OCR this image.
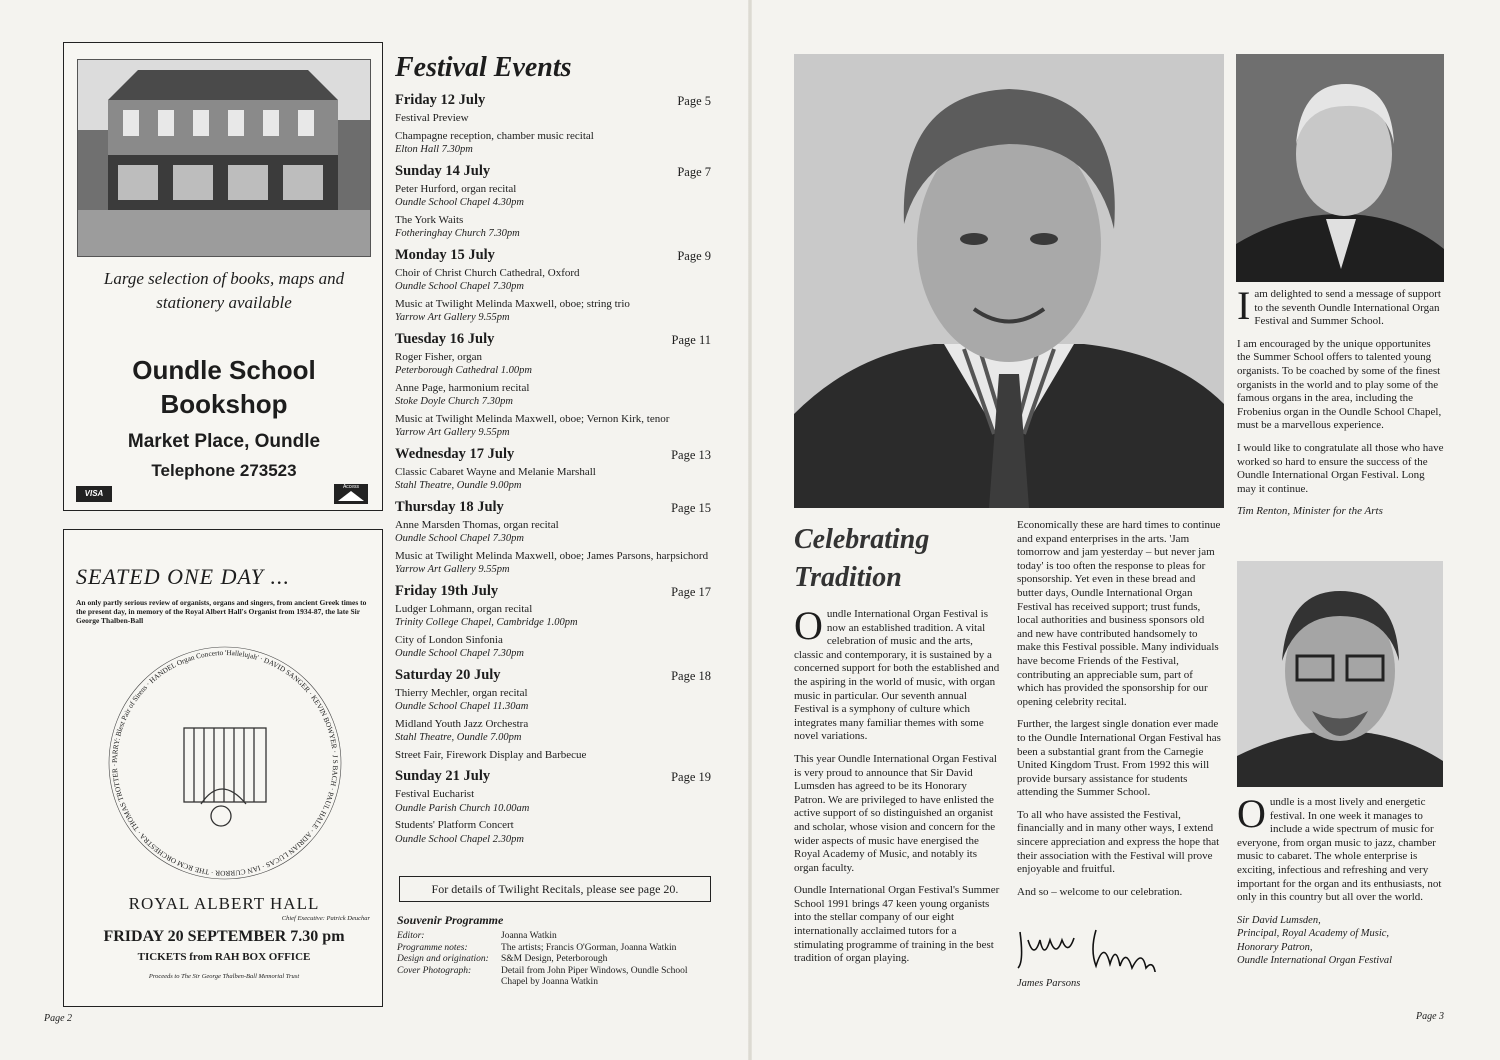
Large selection of books, maps and stationery available
Oundle School
Bookshop
Market Place, Oundle
Telephone 273523
VISA
Access
SEATED ONE DAY ...
An only partly serious review of organists, organs and singers, from ancient Greek times to the present day, in memory of the Royal Albert Hall's Organist from 1934-87, the late Sir George Thalben-Ball
PARRY: Blest Pair of Sirens · HANDEL Organ Concerto 'Hallelujah' · DAVID SANGER · KEVIN BOWYER · J S BACH · PAUL HALE · ADRIAN LUCAS · IAN CURROR · THE RCM ORCHESTRA · THOMAS TROTTER ·
ROYAL ALBERT HALL
Chief Executive: Patrick Deuchar
FRIDAY 20 SEPTEMBER 7.30 pm
TICKETS from RAH BOX OFFICE
Proceeds to The Sir George Thalben-Ball Memorial Trust
Festival Events
Friday 12 July	Page 5
Festival Preview
Champagne reception, chamber music recital
Elton Hall 7.30pm
Sunday 14 July	Page 7
Peter Hurford, organ recital
Oundle School Chapel 4.30pm
The York Waits
Fotheringhay Church 7.30pm
Monday 15 July	Page 9
Choir of Christ Church Cathedral, Oxford
Oundle School Chapel 7.30pm
Music at Twilight Melinda Maxwell, oboe; string trio
Yarrow Art Gallery 9.55pm
Tuesday 16 July	Page 11
Roger Fisher, organ
Peterborough Cathedral 1.00pm
Anne Page, harmonium recital
Stoke Doyle Church 7.30pm
Music at Twilight Melinda Maxwell, oboe; Vernon Kirk, tenor
Yarrow Art Gallery 9.55pm
Wednesday 17 July	Page 13
Classic Cabaret Wayne and Melanie Marshall
Stahl Theatre, Oundle 9.00pm
Thursday 18 July	Page 15
Anne Marsden Thomas, organ recital
Oundle School Chapel 7.30pm
Music at Twilight Melinda Maxwell, oboe; James Parsons, harpsichord
Yarrow Art Gallery 9.55pm
Friday 19th July	Page 17
Ludger Lohmann, organ recital
Trinity College Chapel, Cambridge 1.00pm
City of London Sinfonia
Oundle School Chapel 7.30pm
Saturday 20 July	Page 18
Thierry Mechler, organ recital
Oundle School Chapel 11.30am
Midland Youth Jazz Orchestra
Stahl Theatre, Oundle 7.00pm
Street Fair, Firework Display and Barbecue
Sunday 21 July	Page 19
Festival Eucharist
Oundle Parish Church 10.00am
Students' Platform Concert
Oundle School Chapel 2.30pm
For details of Twilight Recitals, please see page 20.
Souvenir Programme
Editor:	Joanna Watkin
Programme notes:	The artists; Francis O'Gorman, Joanna Watkin
Design and origination:	S&M Design, Peterborough
Cover Photograph:	Detail from John Piper Windows, Oundle School Chapel by Joanna Watkin
Page 2
Celebrating
Tradition

Oundle International Organ Festival is now an established tradition. A vital celebration of music and the arts, classic and contemporary, it is sustained by a concerned support for both the established and the aspiring in the world of music, with organ music in particular. Our seventh annual Festival is a symphony of culture which integrates many familiar themes with some novel variations.

This year Oundle International Organ Festival is very proud to announce that Sir David Lumsden has agreed to be its Honorary Patron. We are privileged to have enlisted the active support of so distinguished an organist and scholar, whose vision and concern for the wider aspects of music have energised the Royal Academy of Music, and notably its organ faculty.

Oundle International Organ Festival's Summer School 1991 brings 47 keen young organists into the stellar company of our eight internationally acclaimed tutors for a stimulating programme of training in the best tradition of organ playing.

Economically these are hard times to continue and expand enterprises in the arts. 'Jam tomorrow and jam yesterday – but never jam today' is too often the response to pleas for sponsorship. Yet even in these bread and butter days, Oundle International Organ Festival has received support; trust funds, local authorities and business sponsors old and new have contributed handsomely to make this Festival possible. Many individuals have become Friends of the Festival, contributing an appreciable sum, part of which has provided the sponsorship for our opening celebrity recital.

Further, the largest single donation ever made to the Oundle International Organ Festival has been a substantial grant from the Carnegie United Kingdom Trust. From 1992 this will provide bursary assistance for students attending the Summer School.

To all who have assisted the Festival, financially and in many other ways, I extend sincere appreciation and express the hope that their association with the Festival will prove enjoyable and fruitful.

And so – welcome to our celebration.

James Parsons

Iam delighted to send a message of support to the seventh Oundle International Organ Festival and Summer School.

I am encouraged by the unique opportunites the Summer School offers to talented young organists. To be coached by some of the finest organists in the world and to play some of the famous organs in the area, including the Frobenius organ in the Oundle School Chapel, must be a marvellous experience.

I would like to congratulate all those who have worked so hard to ensure the success of the Oundle International Organ Festival. Long may it continue.

Tim Renton, Minister for the Arts

Oundle is a most lively and energetic festival. In one week it manages to include a wide spectrum of music for everyone, from organ music to jazz, chamber music to cabaret. The whole enterprise is exciting, infectious and refreshing and very important for the organ and its enthusiasts, not only in this country but all over the world.

Sir David Lumsden,
Principal, Royal Academy of Music,
Honorary Patron,
Oundle International Organ Festival
Page 3
